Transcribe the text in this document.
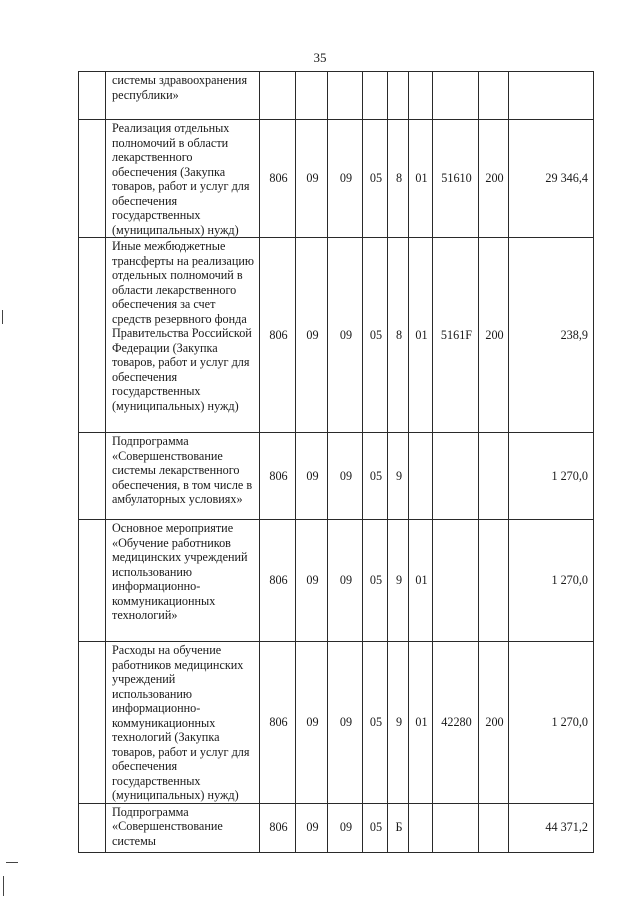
35
	системы здравоохранения республики»									
	Реализация отдельных полномочий в области лекарственного обеспечения (Закупка товаров, работ и услуг для обеспечения государственных (муниципальных) нужд)	806	09	09	05	8	01	51610	200	29 346,4
	Иные межбюджетные трансферты на реализацию отдельных полномочий в области лекарственного обеспечения за счет средств резервного фонда Правительства Российской Федерации (Закупка товаров, работ и услуг для обеспечения государственных (муниципальных) нужд)	806	09	09	05	8	01	5161F	200	238,9
	Подпрограмма «Совершенствование системы лекарственного обеспечения, в том числе в амбулаторных условиях»	806	09	09	05	9				1 270,0
	Основное мероприятие «Обучение работников медицинских учреждений использованию информационно-коммуникационных технологий»	806	09	09	05	9	01			1 270,0
	Расходы на обучение работников медицинских учреждений использованию информационно-коммуникационных технологий (Закупка товаров, работ и услуг для обеспечения государственных (муниципальных) нужд)	806	09	09	05	9	01	42280	200	1 270,0
	Подпрограмма «Совершенствование системы	806	09	09	05	Б				44 371,2
